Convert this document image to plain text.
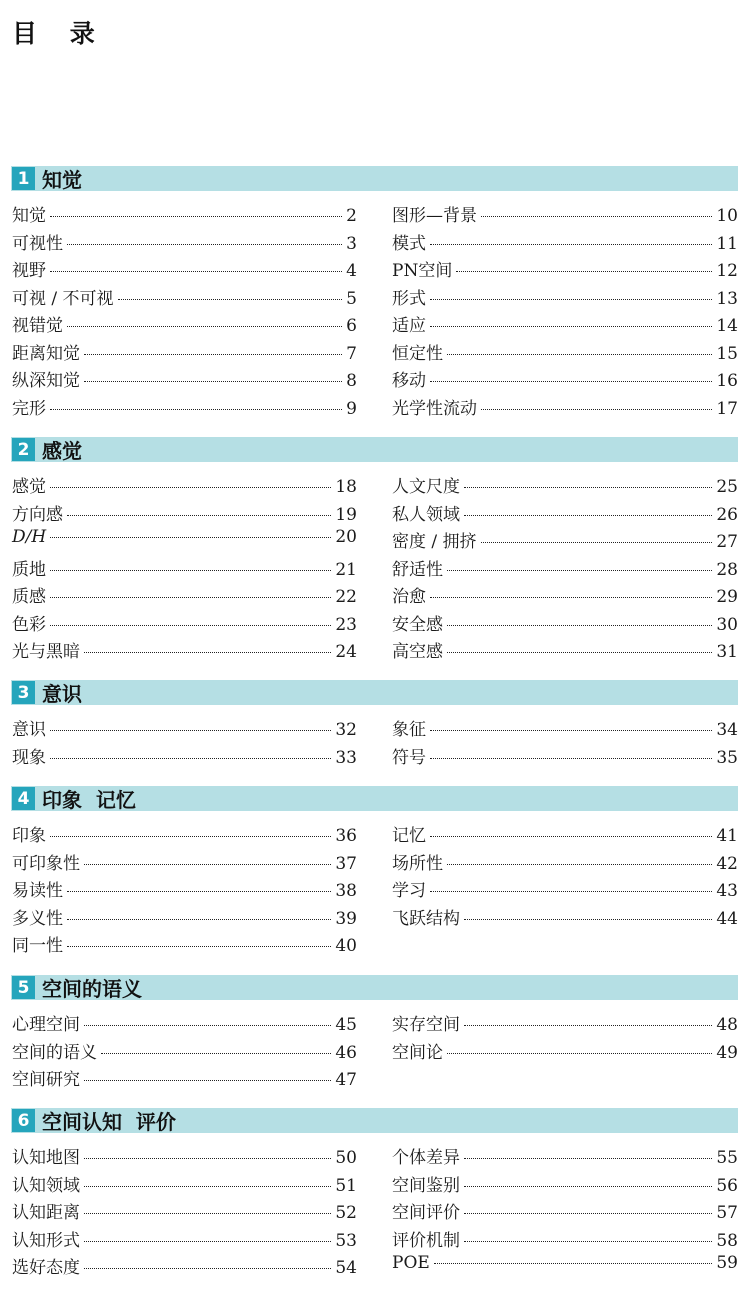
目 录
1 知觉
知觉	2
可视性	3
视野	4
可视 / 不可视	5
视错觉	6
距离知觉	7
纵深知觉	8
完形	9
图形—背景	10
模式	11
PN空间	12
形式	13
适应	14
恒定性	15
移动	16
光学性流动	17
2 感觉
感觉	18
方向感	19
D/H	20
质地	21
质感	22
色彩	23
光与黑暗	24
人文尺度	25
私人领域	26
密度 / 拥挤	27
舒适性	28
治愈	29
安全感	30
高空感	31
3 意识
意识	32
现象	33
象征	34
符号	35
4 印象  记忆
印象	36
可印象性	37
易读性	38
多义性	39
同一性	40
记忆	41
场所性	42
学习	43
飞跃结构	44
5 空间的语义
心理空间	45
空间的语义	46
空间研究	47
实存空间	48
空间论	49
6 空间认知  评价
认知地图	50
认知领域	51
认知距离	52
认知形式	53
选好态度	54
个体差异	55
空间鉴别	56
空间评价	57
评价机制	58
POE	59
